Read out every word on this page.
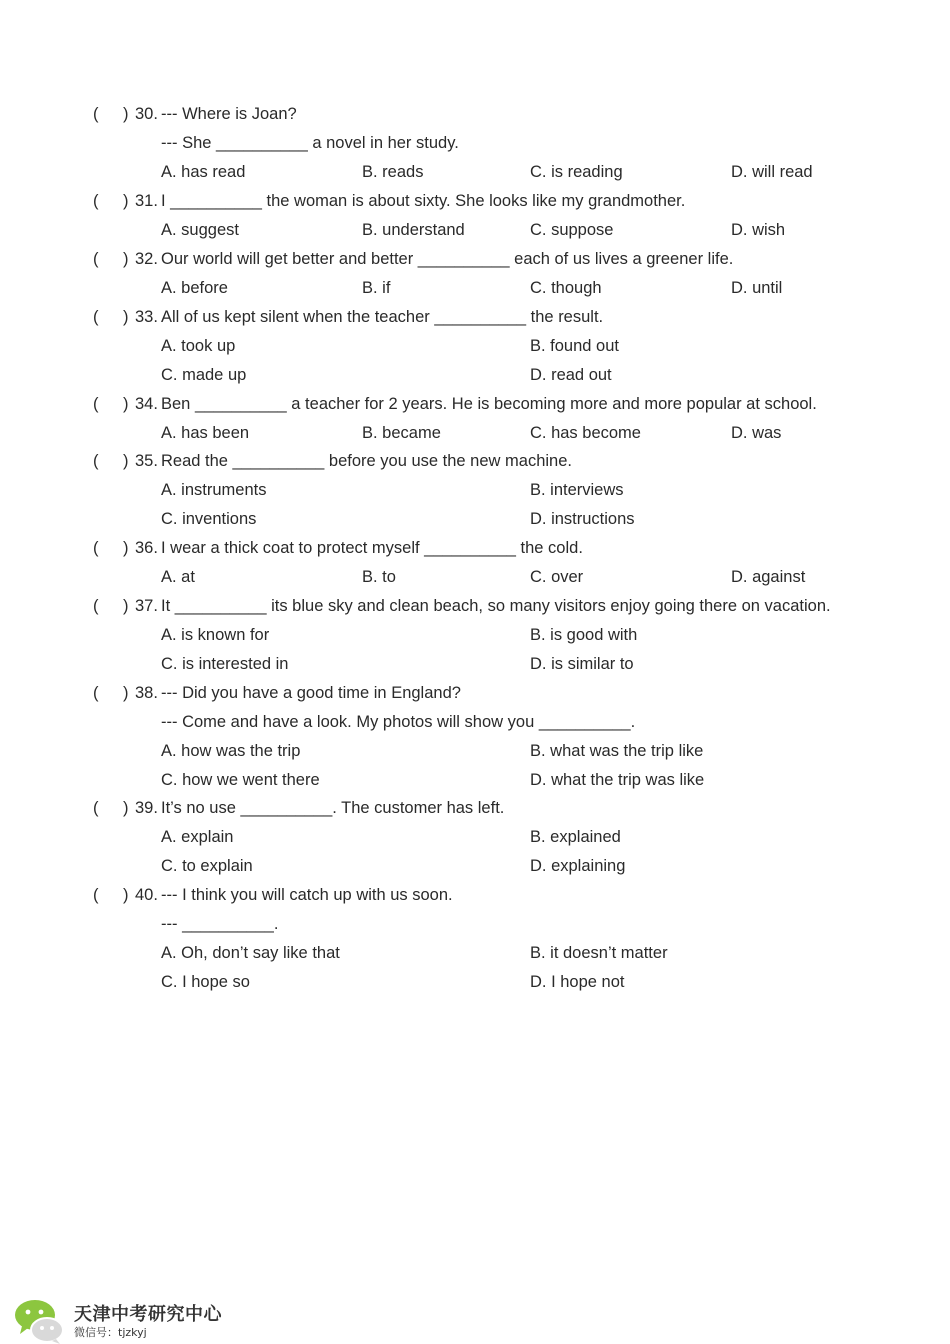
( ) 30. --- Where is Joan?
--- She __________ a novel in her study.
A. has read	B. reads	C. is reading	D. will read
( ) 31. I __________ the woman is about sixty. She looks like my grandmother.
A. suggest	B. understand	C. suppose	D. wish
( ) 32. Our world will get better and better __________ each of us lives a greener life.
A. before	B. if	C. though	D. until
( ) 33. All of us kept silent when the teacher __________ the result.
A. took up	B. found out
C. made up	D. read out
( ) 34. Ben __________ a teacher for 2 years. He is becoming more and more popular at school.
A. has been	B. became	C. has become	D. was
( ) 35. Read the __________ before you use the new machine.
A. instruments	B. interviews
C. inventions	D. instructions
( ) 36. I wear a thick coat to protect myself __________ the cold.
A. at	B. to	C. over	D. against
( ) 37. It __________ its blue sky and clean beach, so many visitors enjoy going there on vacation.
A. is known for	B. is good with
C. is interested in	D. is similar to
( ) 38. --- Did you have a good time in England?
--- Come and have a look. My photos will show you __________.
A. how was the trip	B. what was the trip like
C. how we went there	D. what the trip was like
( ) 39. It’s no use __________. The customer has left.
A. explain	B. explained
C. to explain	D. explaining
( ) 40. --- I think you will catch up with us soon.
--- __________.
A. Oh, don’t say like that	B. it doesn’t matter
C. I hope so	D. I hope not
天津中考研究中心
微信号：tjzkyj
